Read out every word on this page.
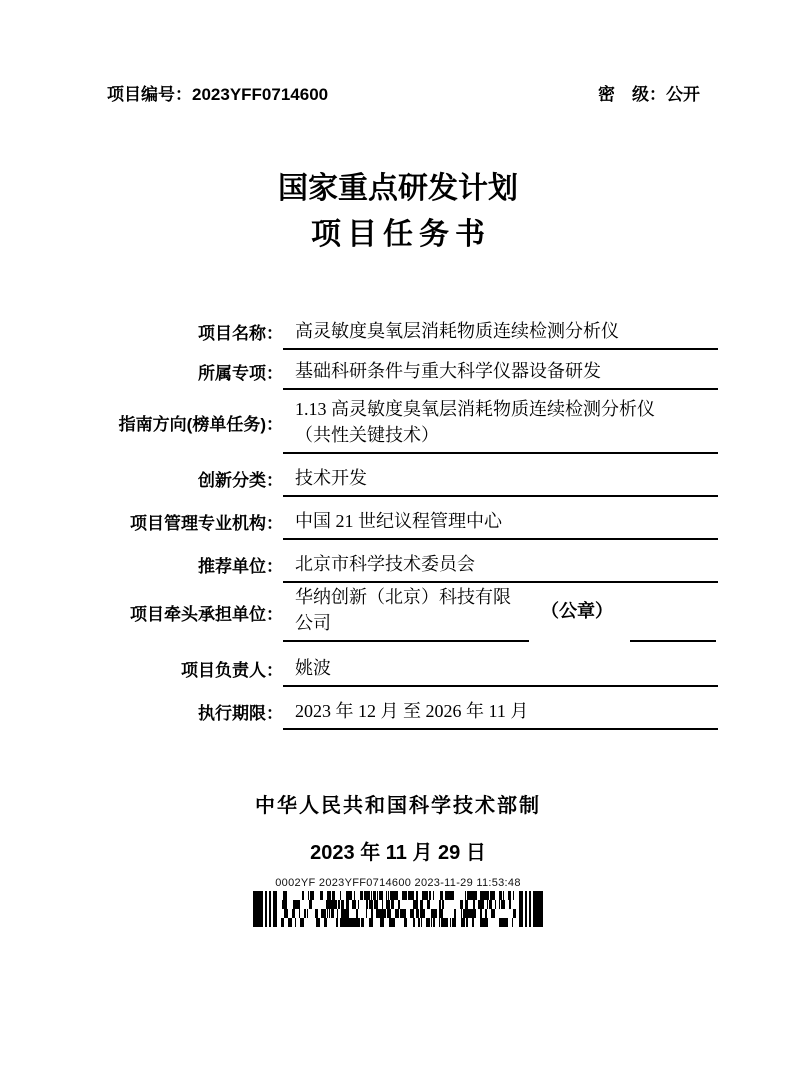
项目编号：2023YFF0714600	密　级：公开
国家重点研发计划
项目任务书
项目名称： 高灵敏度臭氧层消耗物质连续检测分析仪
所属专项： 基础科研条件与重大科学仪器设备研发
指南方向(榜单任务)：
1.13 高灵敏度臭氧层消耗物质连续检测分析仪
（共性关键技术）
创新分类： 技术开发
项目管理专业机构： 中国 21 世纪议程管理中心
推荐单位： 北京市科学技术委员会
项目牵头承担单位：
华纳创新（北京）科技有限
公司
（公章）
项目负责人： 姚波
执行期限： 2023 年 12 月 至 2026 年 11 月
中华人民共和国科学技术部制
2023 年 11 月 29 日
0002YF 2023YFF0714600 2023-11-29 11:53:48
